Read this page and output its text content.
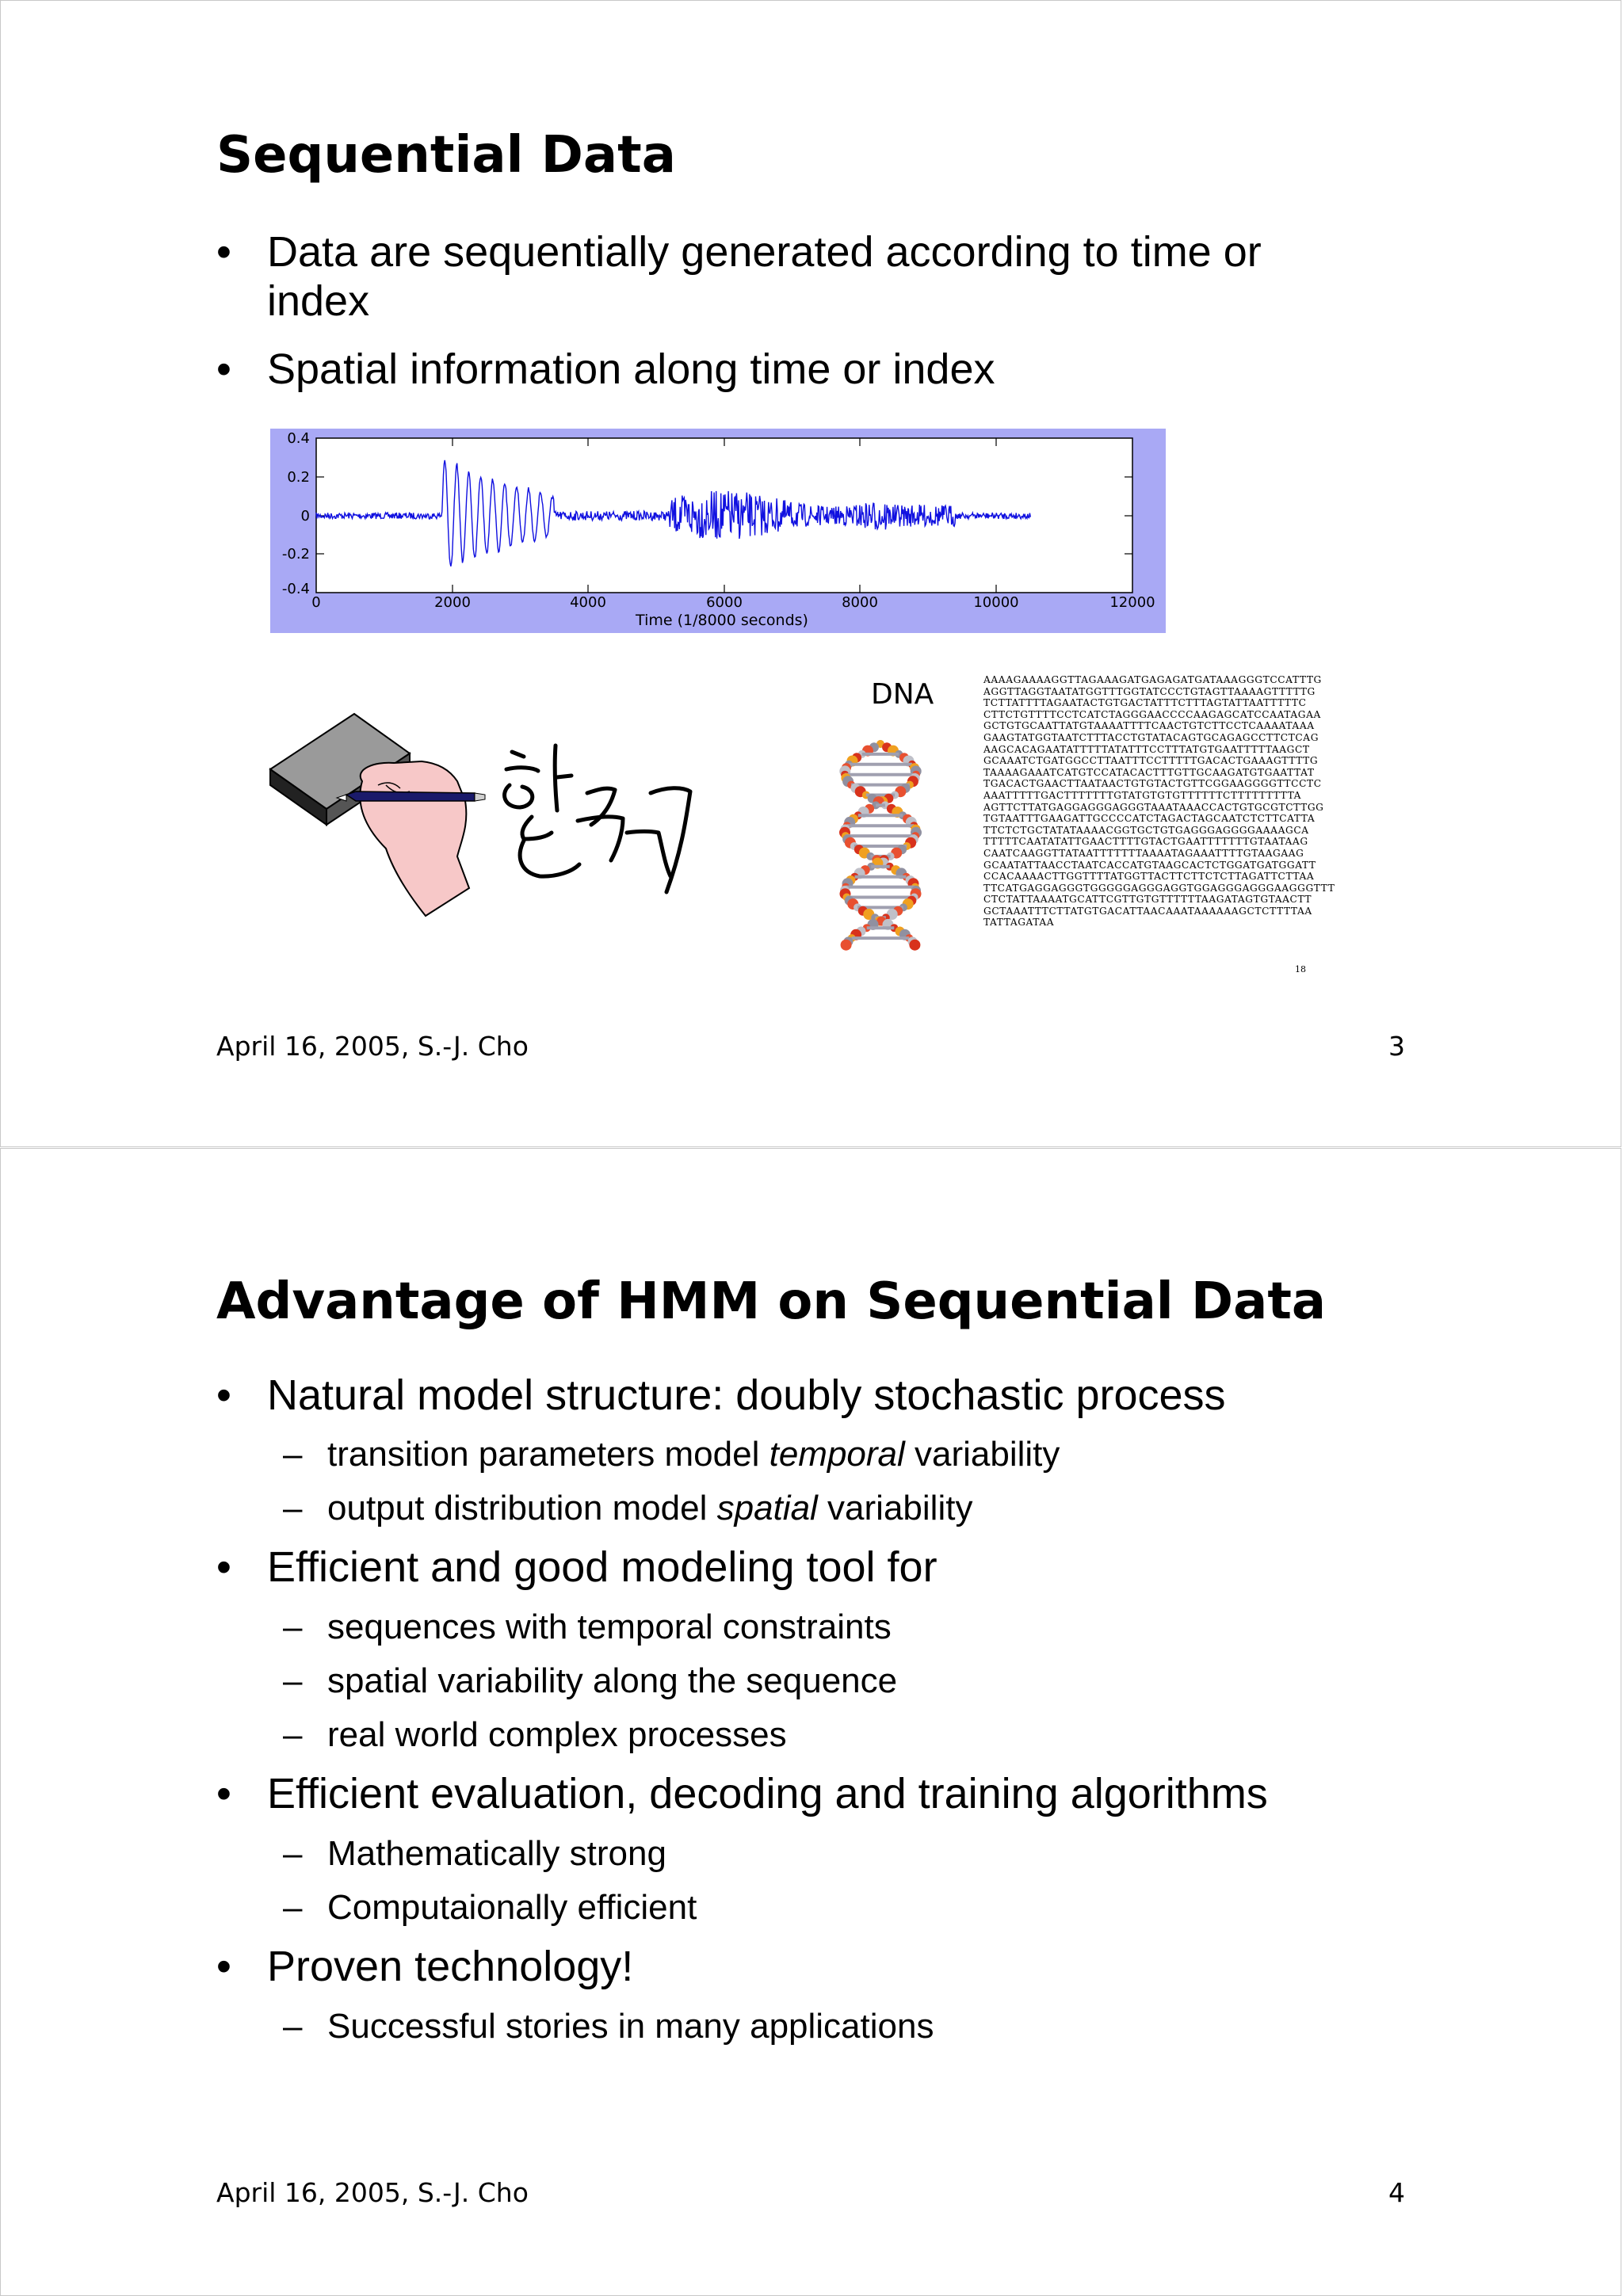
Sequential Data
• Data are sequentially generated according to time or
index
• Spatial information along time or index
0.4
0.2
0
-0.2
-0.4
0	2000	4000	6000	8000	10000	12000
Time (1/8000 seconds)
DNA	AAAAGAAAAGGTTAGAAAGATGAGAGATGATAAAGGGTCCATTTG
AGGTTAGGTAATATGGTTTGGTATCCCTGTAGTTAAAAGTTTTTG
TCTTATTTTAGAATACTGTGACTATTTCTTTAGTATTAATTTTTC
CTTCTGTTTTCCTCATCTAGGGAACCCCAAGAGCATCCAATAGAA
GCTGTGCAATTATGTAAAATTTTCAACTGTCTTCCTCAAAATAAA
GAAGTATGGTAATCTTTACCTGTATACAGTGCAGAGCCTTCTCAG
AAGCACAGAATATTTTTATATTTCCTTTATGTGAATTTTTAAGCT
GCAAATCTGATGGCCTTAATTTCCTTTTTGACACTGAAAGTTTTG
TAAAAGAAATCATGTCCATACACTTTGTTGCAAGATGTGAATTAT
TGACACTGAACTTAATAACTGTGTACTGTTCGGAAGGGGTTCCTC
AAATTTTTGACTTTTTTTGTATGTGTGTTTTTTCTTTTTTTTTA
AGTTCTTATGAGGAGGGAGGGTAAATAAACCACTGTGCGTCTTGG
TGTAATTTGAAGATTGCCCCATCTAGACTAGCAATCTCTTCATTA
TTCTCTGCTATATAAAACGGTGCTGTGAGGGAGGGGAAAAGCA
TTTTTCAATATATTGAACTTTTGTACTGAATTTTTTTGTAATAAG
CAATCAAGGTTATAATTTTTTTAAAATAGAAATTTTGTAAGAAG
GCAATATTAACCTAATCACCATGTAAGCACTCTGGATGATGGATT
CCACAAAACTTGGTTTTATGGTTACTTCTTCTCTTAGATTCTTAA
TTCATGAGGAGGGTGGGGGAGGGAGGTGGAGGGAGGGAAGGGTTT
CTCTATTAAAATGCATTCGTTGTGTTTTTTAAGATAGTGTAACTT
GCTAAATTTCTTATGTGACATTAACAAATAAAAAAGCTCTTTTAA
TATTAGATAA
18
April 16, 2005, S.-J. Cho	3
Advantage of HMM on Sequential Data
• Natural model structure: doubly stochastic process
– transition parameters model temporal variability
– output distribution model spatial variability
• Efficient and good modeling tool for
– sequences with temporal constraints
– spatial variability along the sequence
– real world complex processes
• Efficient evaluation, decoding and training algorithms
– Mathematically strong
– Computaionally efficient
• Proven technology!
– Successful stories in many applications
April 16, 2005, S.-J. Cho	4
